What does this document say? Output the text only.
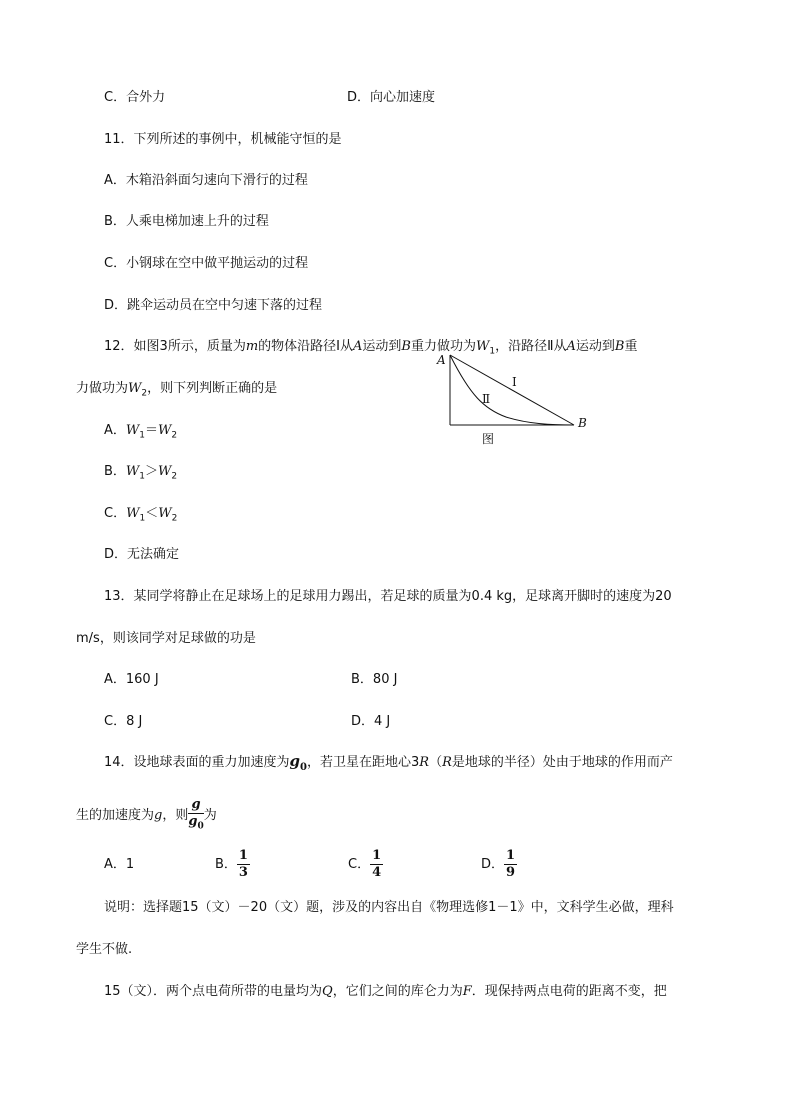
C．合外力	D．向心加速度
11．下列所述的事例中，机械能守恒的是
A．木箱沿斜面匀速向下滑行的过程
B．人乘电梯加速上升的过程
C．小钢球在空中做平抛运动的过程
D．跳伞运动员在空中匀速下落的过程
12．如图3所示，质量为m的物体沿路径Ⅰ从A运动到B重力做功为$W_1$，沿路径Ⅱ从A运动到B重
力做功为$W_2$，则下列判断正确的是
A．$W_1=W_2$
B．$W_1>W_2$
C．$W_1<W_2$
D．无法确定
A
B
Ⅰ
Ⅱ
图
13．某同学将静止在足球场上的足球用力踢出，若足球的质量为0.4 kg，足球离开脚时的速度为20
m/s，则该同学对足球做的功是
A．160 J	B．80 J
C．8 J	D．4 J
14．设地球表面的重力加速度为$g_0$，若卫星在距地心3R（R是地球的半径）处由于地球的作用而产
生的加速度为g，则 $\frac{g}{g_0}$ 为
A．1	B． $\frac{1}{3}$	C． $\frac{1}{4}$	D． $\frac{1}{9}$
说明：选择题15（文）－20（文）题，涉及的内容出自《物理选修1－1》中，文科学生必做，理科
学生不做.
15（文）．两个点电荷所带的电量均为Q，它们之间的库仑力为F．现保持两点电荷的距离不变，把
